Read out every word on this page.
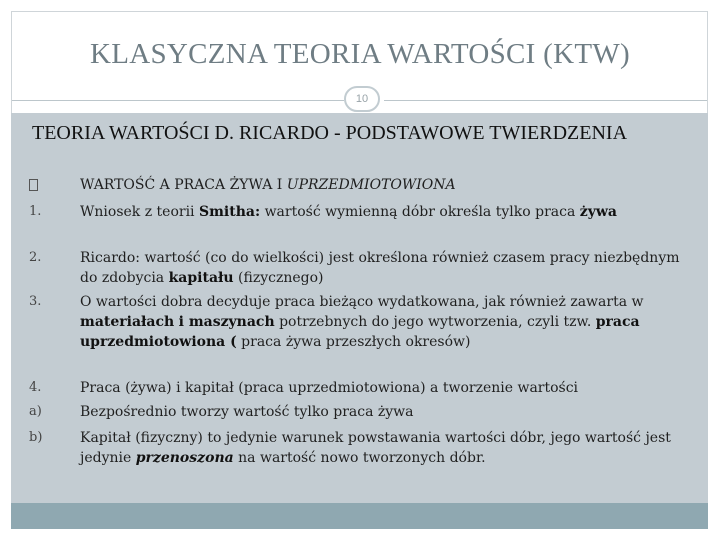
KLASYCZNA TEORIA WARTOŚCI (KTW)
10
TEORIA WARTOŚCI D. RICARDO - PODSTAWOWE TWIERDZENIA
WARTOŚĆ A PRACA ŻYWA I UPRZEDMIOTOWIONA
1.	Wniosek z teorii Smitha: wartość wymienną dóbr określa tylko praca żywa
2.	Ricardo: wartość (co do wielkości) jest określona również czasem pracy niezbędnym do zdobycia kapitału (fizycznego)
3.	O wartości dobra decyduje praca bieżąco wydatkowana, jak również zawarta w materiałach i maszynach potrzebnych do jego wytworzenia, czyli tzw. praca uprzedmiotowiona ( praca żywa przeszłych okresów)
4.	Praca (żywa) i kapitał (praca uprzedmiotowiona) a tworzenie wartości
a)	Bezpośrednio tworzy wartość tylko praca żywa
b)	Kapitał (fizyczny) to jedynie warunek powstawania wartości dóbr, jego wartość jest jedynie przenoszona na wartość nowo tworzonych dóbr.
